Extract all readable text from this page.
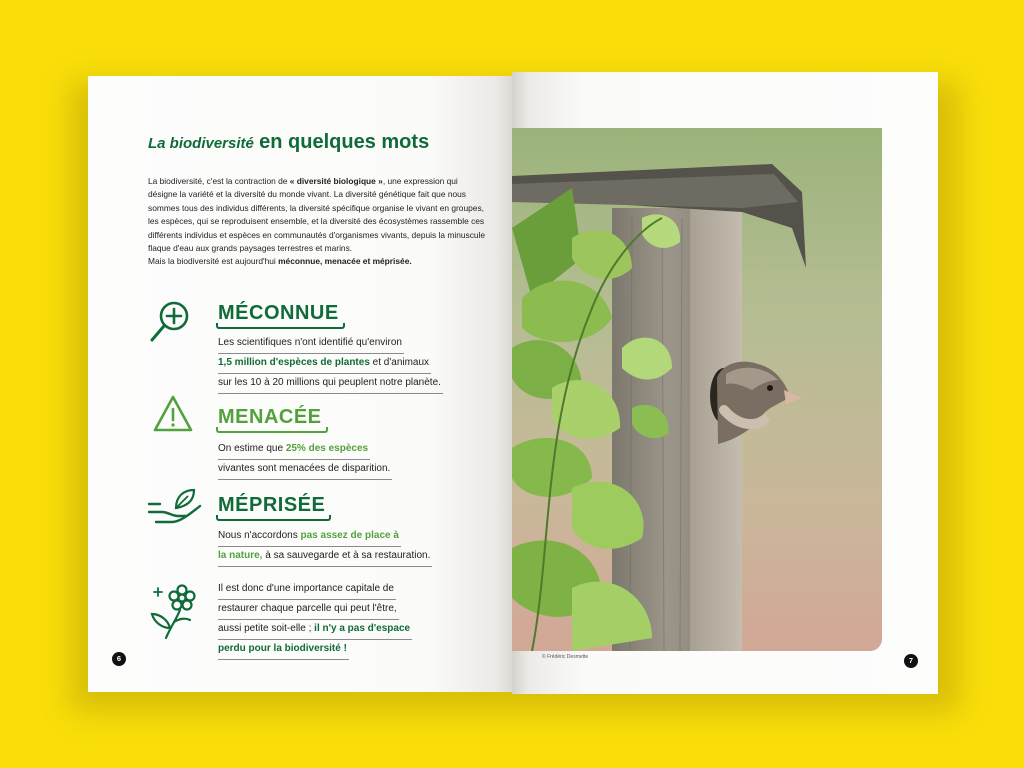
La biodiversité en quelques mots

La biodiversité, c'est la contraction de « diversité biologique », une expression qui désigne la variété et la diversité du monde vivant. La diversité génétique fait que nous sommes tous des individus différents, la diversité spécifique organise le vivant en groupes, les espèces, qui se reproduisent ensemble, et la diversité des écosystèmes rassemble ces différents individus et espèces en communautés d'organismes vivants, depuis la minuscule flaque d'eau aux grands paysages terrestres et marins.

Mais la biodiversité est aujourd'hui méconnue, menacée et méprisée.

MÉCONNUE
Les scientifiques n'ont identifié qu'environ
1,5 million d'espèces de plantes et d'animaux
sur les 10 à 20 millions qui peuplent notre planète.
MENACÉE
On estime que 25% des espèces
vivantes sont menacées de disparition.
MÉPRISÉE
Nous n'accordons pas assez de place à
la nature, à sa sauvegarde et à sa restauration.
Il est donc d'une importance capitale de
restaurer chaque parcelle qui peut l'être,
aussi petite soit-elle ; il n'y a pas d'espace
perdu pour la biodiversité !
6	© Frédéric Desmette	7
